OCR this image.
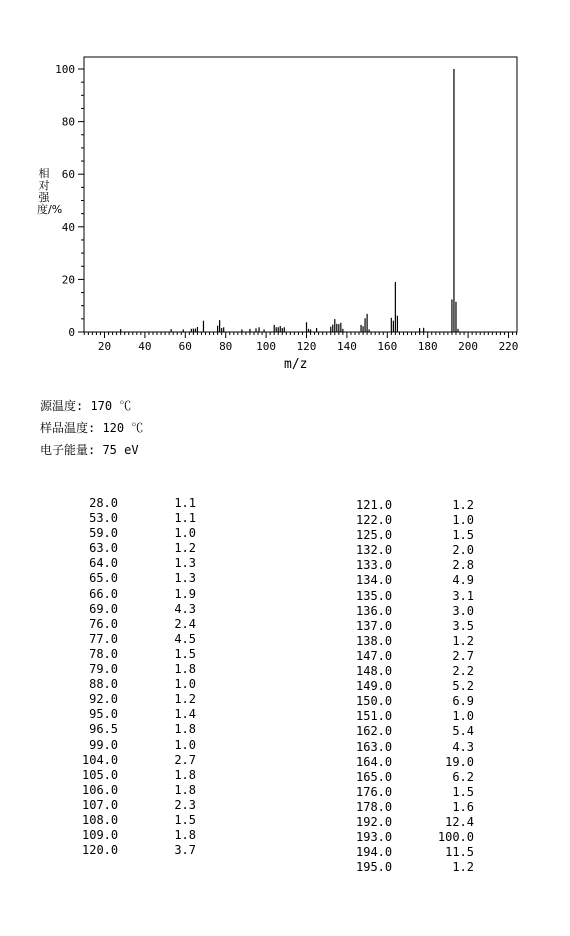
20 40 60 80 100 120 140 160 180 200 220
0
20
40
60
80
100
相对强度/%
m/z
源温度: 170 ℃
样品温度: 120 ℃
电子能量: 75 eV
28.0	1.1
53.0	1.1
59.0	1.0
63.0	1.2
64.0	1.3
65.0	1.3
66.0	1.9
69.0	4.3
76.0	2.4
77.0	4.5
78.0	1.5
79.0	1.8
88.0	1.0
92.0	1.2
95.0	1.4
96.5	1.8
99.0	1.0
104.0	2.7
105.0	1.8
106.0	1.8
107.0	2.3
108.0	1.5
109.0	1.8
120.0	3.7
121.0	1.2
122.0	1.0
125.0	1.5
132.0	2.0
133.0	2.8
134.0	4.9
135.0	3.1
136.0	3.0
137.0	3.5
138.0	1.2
147.0	2.7
148.0	2.2
149.0	5.2
150.0	6.9
151.0	1.0
162.0	5.4
163.0	4.3
164.0	19.0
165.0	6.2
176.0	1.5
178.0	1.6
192.0	12.4
193.0	100.0
194.0	11.5
195.0	1.2
